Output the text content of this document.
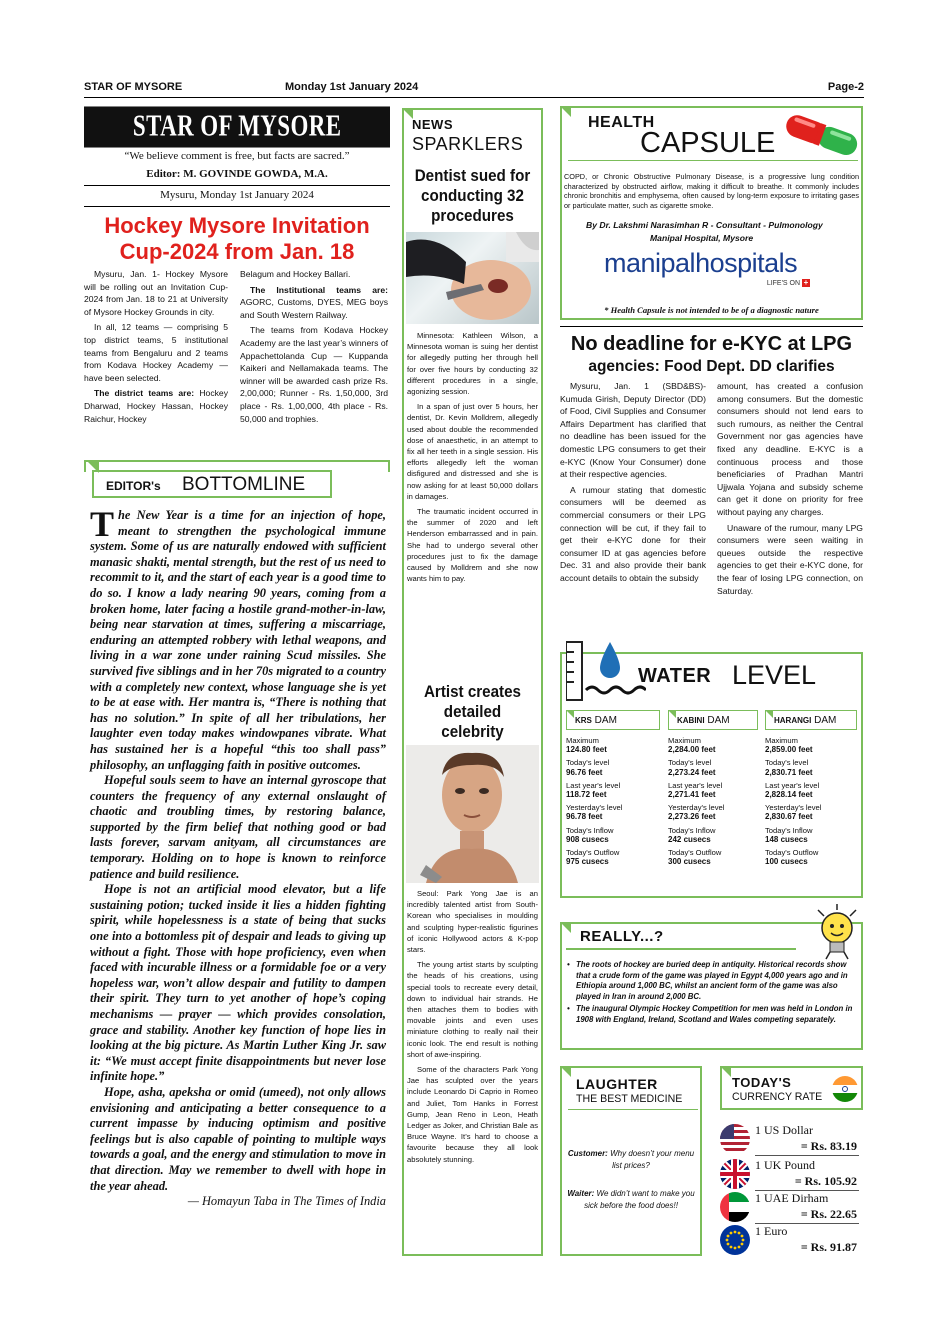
STAR OF MYSORE	Monday 1st January 2024	Page-2
STAR OF MYSORE
“We believe comment is free, but facts are sacred.”
Editor: M. GOVINDE GOWDA, M.A.
Mysuru, Monday 1st January 2024
Hockey Mysore Invitation Cup-2024 from Jan. 18

Mysuru, Jan. 1- Hockey Mysore will be rolling out an Invitation Cup-2024 from Jan. 18 to 21 at University of Mysore Hockey Grounds in city.

In all, 12 teams — comprising 5 top district teams, 5 institutional teams from Bengaluru and 2 teams from Kodava Hockey Academy — have been selected.

The district teams are: Hockey Dharwad, Hockey Hassan, Hockey Raichur, Hockey

Belagum and Hockey Ballari.

The Institutional teams are: AGORC, Customs, DYES, MEG boys and South Western Railway.

The teams from Kodava Hockey Academy are the last year’s winners of Appachettolanda Cup — Kuppanda Kaikeri and Nellamakada teams. The winner will be awarded cash prize Rs. 2,00,000; Runner - Rs. 1,50,000, 3rd place - Rs. 1,00,000, 4th place - Rs. 50,000 and trophies.

EDITOR's BOTTOMLINE

The New Year is a time for an injection of hope, meant to strengthen the psychological immune system. Some of us are naturally endowed with sufficient manasic shakti, mental strength, but the rest of us need to recommit to it, and the start of each year is a good time to do so. I know a lady nearing 90 years, coming from a broken home, later facing a hostile grand-mother-in-law, being near starvation at times, suffering a miscarriage, enduring an attempted robbery with lethal weapons, and living in a war zone under raining Scud missiles. She survived five siblings and in her 70s migrated to a country with a completely new context, whose language she is yet to be at ease with. Her mantra is, “There is nothing that has no solution.” In spite of all her tribulations, her laughter even today makes windowpanes vibrate. What has sustained her is a hopeful “this too shall pass” philosophy, an unflagging faith in positive outcomes.

Hopeful souls seem to have an internal gyroscope that counters the frequency of any external onslaught of chaotic and troubling times, by restoring balance, supported by the firm belief that nothing good or bad lasts forever, sarvam anityam, all circumstances are temporary. Holding on to hope is known to reinforce patience and build resilience.

Hope is not an artificial mood elevator, but a life sustaining potion; tucked inside it lies a hidden fighting spirit, while hopelessness is a state of being that sucks one into a bottomless pit of despair and leads to giving up without a fight. Those with hope proficiency, even when faced with incurable illness or a formidable foe or a very hopeless war, won’t allow despair and futility to dampen their spirit. They turn to yet another of hope’s coping mechanisms — prayer — which provides consolation, grace and stability. Another key function of hope lies in looking at the big picture. As Martin Luther King Jr. saw it: “We must accept finite disappointments but never lose infinite hope.”

Hope, asha, apeksha or omid (umeed), not only allows envisioning and anticipating a better consequence to a current impasse by inducing optimism and positive feelings but is also capable of pointing to multiple ways towards a goal, and the energy and stimulation to move in that direction. May we remember to dwell with hope in the year ahead.

— Homayun Taba in The Times of India

NEWS
SPARKLERS
Dentist sued for conducting 32 procedures

Minnesota: Kathleen Wilson, a Minnesota woman is suing her dentist for allegedly putting her through hell for over five hours by conducting 32 different procedures in a single, agonizing session.

In a span of just over 5 hours, her dentist, Dr. Kevin Molldrem, allegedly used about double the recommended dose of anaesthetic, in an attempt to fix all her teeth in a single session. His efforts allegedly left the woman disfigured and distressed and she is now asking for at least 50,000 dollars in damages.

The traumatic incident occurred in the summer of 2020 and left Henderson embarrassed and in pain. She had to undergo several other procedures just to fix the damage caused by Molldrem and she now wants him to pay.

Artist creates detailed celebrity

Seoul: Park Yong Jae is an incredibly talented artist from South-Korean who specialises in moulding and sculpting hyper-realistic figurines of iconic Hollywood actors & K-pop stars.

The young artist starts by sculpting the heads of his creations, using special tools to recreate every detail, down to individual hair strands. He then attaches them to bodies with movable joints and even uses miniature clothing to really nail their iconic look. The end result is nothing short of awe-inspiring.

Some of the characters Park Yong Jae has sculpted over the years include Leonardo Di Caprio in Romeo and Juliet, Tom Hanks in Forrest Gump, Jean Reno in Leon, Heath Ledger as Joker, and Christian Bale as Bruce Wayne. It’s hard to choose a favourite because they all look absolutely stunning.

HEALTH
CAPSULE
COPD, or Chronic Obstructive Pulmonary Disease, is a progressive lung condition characterized by obstructed airflow, making it difficult to breathe. It commonly includes chronic bronchitis and emphysema, often caused by long-term exposure to irritating gases or particulate matter, such as cigarette smoke.
By Dr. Lakshmi Narasimhan R - Consultant - Pulmonology
Manipal Hospital, Mysore
manipalhospitals
LIFE'S ON +
* Health Capsule is not intended to be of a diagnostic nature
No deadline for e-KYC at LPG
agencies: Food Dept. DD clarifies

Mysuru, Jan. 1 (SBD&BS)- Kumuda Girish, Deputy Director (DD) of Food, Civil Supplies and Consumer Affairs Department has clarified that no deadline has been issued for the domestic LPG consumers to get their e-KYC (Know Your Consumer) done at their respective agencies.

A rumour stating that domestic consumers will be deemed as commercial consumers or their LPG connection will be cut, if they fail to get their e-KYC done for their consumer ID at gas agencies before Dec. 31 and also provide their bank account details to obtain the subsidy

amount, has created a confusion among consumers. But the domestic consumers should not lend ears to such rumours, as neither the Central Government nor gas agencies have fixed any deadline. E-KYC is a continuous process and those beneficiaries of Pradhan Mantri Ujjwala Yojana and subsidy scheme can get it done on priority for free without paying any charges.

Unaware of the rumour, many LPG consumers were seen waiting in queues outside the respective agencies to get their e-KYC done, for the fear of losing LPG connection, on Saturday.

WATER LEVEL
KRS DAM
Maximum
124.80 feet
Today's level
96.76 feet
Last year's level
118.72 feet
Yesterday's level
96.78 feet
Today's Inflow
908 cusecs
Today's Outflow
975 cusecs
KABINI DAM
Maximum
2,284.00 feet
Today's level
2,273.24 feet
Last year's level
2,271.41 feet
Yesterday's level
2,273.26 feet
Today's Inflow
242 cusecs
Today's Outflow
300 cusecs
HARANGI DAM
Maximum
2,859.00 feet
Today's level
2,830.71 feet
Last year's level
2,828.14 feet
Yesterday's level
2,830.67 feet
Today's Inflow
148 cusecs
Today's Outflow
100 cusecs
REALLY...?
• The roots of hockey are buried deep in antiquity. Historical records show that a crude form of the game was played in Egypt 4,000 years ago and in Ethiopia around 1,000 BC, whilst an ancient form of the game was also played in Iran in around 2,000 BC.
• The inaugural Olympic Hockey Competition for men was held in London in 1908 with England, Ireland, Scotland and Wales competing separately.
LAUGHTER
THE BEST MEDICINE
Customer: Why doesn’t your menu list prices?
Waiter: We didn’t want to make you sick before the food does!!
TODAY'S
CURRENCY RATE
1 US Dollar
= Rs. 83.19
1 UK Pound
= Rs. 105.92
1 UAE Dirham
= Rs. 22.65
1 Euro
= Rs. 91.87
